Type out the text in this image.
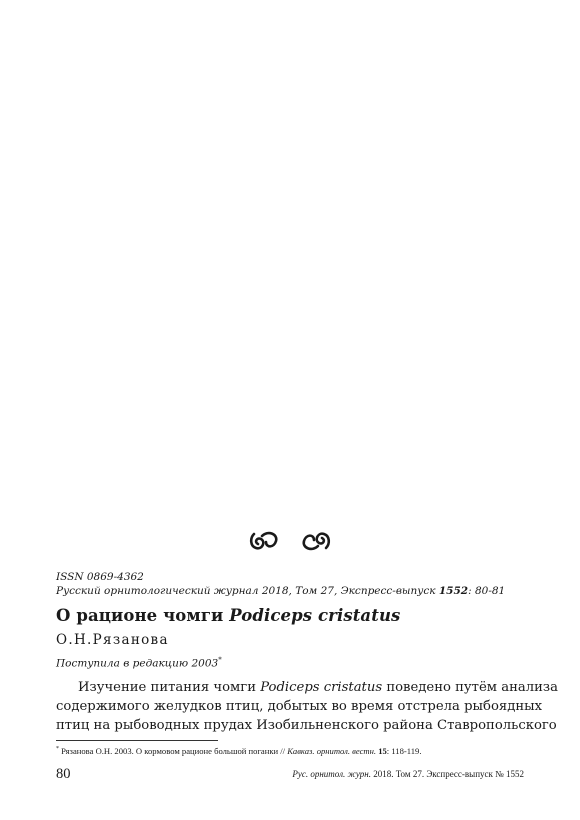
ISSN 0869-4362
Русский орнитологический журнал 2018, Том 27, Экспресс-выпуск 1552: 80-81
О рационе чомги Podiceps cristatus
О.Н.Рязанова
Поступила в редакцию 2003*
Изучение питания чомги Podiceps cristatus поведено путём анализа
содержимого желудков птиц, добытых во время отстрела рыбоядных
птиц на рыбоводных прудах Изобильненского района Ставропольского
* Рязанова О.Н. 2003. О кормовом рационе большой поганки // Кавказ. орнитол. вестн. 15: 118-119.
80	Рус. орнитол. журн. 2018. Том 27. Экспресс-выпуск № 1552
